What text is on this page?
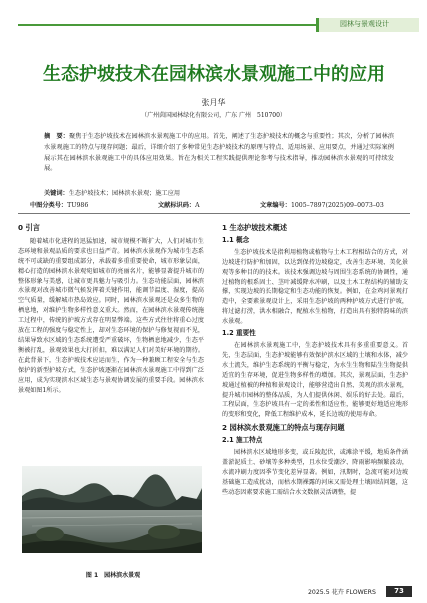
园林与景观设计
生态护坡技术在园林滨水景观施工中的应用
张月华
（广州茵国园林绿化有限公司，广东 广州　510700）
摘　要：聚焦于生态护坡技术在园林滨水景观施工中的应用。首先，阐述了生态护坡技术的概念与重要性；其次，分析了园林滨水景观施工的特点与现存问题；最后，详细介绍了多种常见生态护坡技术的原理与特点、适用场景、应用要点，并通过实际案例展示其在园林滨水景观施工中的具体应用效果。旨在为相关工程实践提供理论参考与技术指导，推动园林滨水景观的可持续发展。
关键词：生态护坡技术；园林滨水景观；施工应用
中图分类号：TU986	文献标识码：A	文章编号：1005–7897(2025)09–0073–03
0 引言

随着城市化进程的迅猛加速，城市规模不断扩大，人们对城市生态环境和景观品质的要求也日益严苛。园林滨水景观作为城市生态系统不可或缺的重要组成部分，承载着多重重要使命，城市形象层面，精心打造的园林滨水景观宛如城市的亮丽名片，能够显著提升城市的整体形象与美感，让城市更具魅力与吸引力。生态功能层面，园林滨水景观对改善城市微气候发挥着关键作用，能调节温度、湿度，提高空气质量，缓解城市热岛效应。同时，园林滨水景观还是众多生物的栖息地，对维护生物多样性意义重大。然而，在园林滨水景观传统施工过程中，传统的护坡方式存在明显弊端。这些方式往往将重心过度放在工程的强度与稳定性上，却对生态环境的保护与修复视而不见，结果导致水区域的生态系统遭受严重破坏，生物栖息地减少，生态平衡被打乱，景观效果也大打折扣，难以满足人们对美好环境的期待。在此背景下，生态护坡技术应运而生，作为一种兼顾工程安全与生态保护的新型护坡方式，生态护坡逐渐在园林滨水景观施工中得到广泛应用，成为实现滨水区域生态与景观协调发展的重要手段。园林滨水景观如图1所示。

图 1　园林滨水景观
1 生态护坡技术概述
1.1 概念

生态护坡技术是指利用植物或植物与土木工程相结合的方式，对边坡进行防护和加固，以达到保持边坡稳定，改善生态环境、美化景观等多种目的的技术。该技术强调边坡与周围生态系统的协调性，通过植物的根系固土、茎叶减缓降水冲刷，以及土木工程结构的辅助支撑，实现边坡的长期稳定和生态功能的恢复。例如，在金鸡河景观打造中，全要素景观设计上，采用生态护坡的两种护坡方式进行护坡，将过滤打涝，洪水相融合，配植水生植物，打造出具有独特韵味的滨水景观。

1.2 重要性

在园林滨水景观施工中，生态护坡技术具有多重重要意义。首先，生态层面，生态护坡能够有效保护滨水区域的土壤和水体，减少水土流失，维护生态系统的平衡与稳定，为水生生物和陆生生物提供适宜的生存环境，促进生物多样性的增加。其次，景观层面，生态护坡通过植被的种植和景观设计，能够营造出自然、美观的滨水景观，提升城市园林的整体品质，为人们提供休闲、娱乐的好去处。最后，工程层面，生态护坡具有一定的柔性和适应性，能够更好地适应地形的变形和变化，降低工程维护成本，延长边坡的使用寿命。

2 园林滨水景观施工的特点与现存问题
2.1 施工特点

园林滨水区域地形多变，或丘陵起伏，或滩涂平缓，地质条件涵盖淤泥质土、砂壤等多种类型，且水位受潮汐、降雨影响频繁波动，水流冲刷力度因季节变化差异显著。例如，汛期时，急流可能对边坡基础施工造成扰动，而枯水期裸露的河床又需处理土壤固结问题，这些动态因素要求施工需结合水文数据灵活调整，提

2025.5 花卉 FLOWERS	73
